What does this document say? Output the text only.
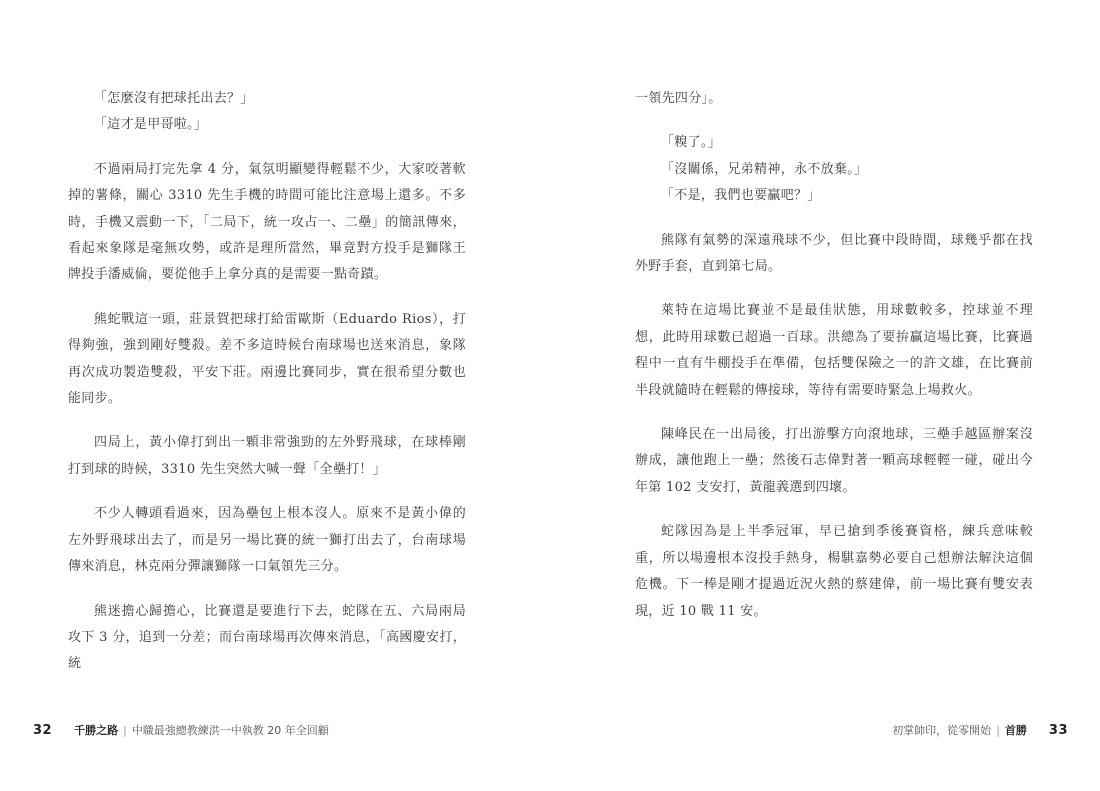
「怎麼沒有把球托出去？」

「這才是甲哥啦。」

不過兩局打完先拿 4 分，氣氛明顯變得輕鬆不少，大家咬著軟掉的薯條，關心 3310 先生手機的時間可能比注意場上還多。不多時，手機又震動一下，「二局下，統一攻占一、二壘」的簡訊傳來，看起來象隊是毫無攻勢，或許是理所當然，畢竟對方投手是獅隊王牌投手潘威倫，要從他手上拿分真的是需要一點奇蹟。

熊蛇戰這一頭，莊景賀把球打給雷歐斯（Eduardo Rios），打得夠強，強到剛好雙殺。差不多這時候台南球場也送來消息，象隊再次成功製造雙殺，平安下莊。兩邊比賽同步，實在很希望分數也能同步。

四局上，黃小偉打到出一顆非常強勁的左外野飛球，在球棒剛打到球的時候，3310 先生突然大喊一聲「全壘打！」

不少人轉頭看過來，因為壘包上根本沒人。原來不是黃小偉的左外野飛球出去了，而是另一場比賽的統一獅打出去了，台南球場傳來消息，林克兩分彈讓獅隊一口氣領先三分。

熊迷擔心歸擔心，比賽還是要進行下去，蛇隊在五、六局兩局攻下 3 分，追到一分差；而台南球場再次傳來消息，「高國慶安打，統

32 千勝之路 | 中職最強總教練洪一中執教 20 年全回顧

一領先四分」。

「糗了。」

「沒關係，兄弟精神，永不放棄。」

「不是，我們也要贏吧？」

熊隊有氣勢的深遠飛球不少，但比賽中段時間，球幾乎都在找外野手套，直到第七局。

萊特在這場比賽並不是最佳狀態，用球數較多，控球並不理想，此時用球數已超過一百球。洪總為了要拚贏這場比賽，比賽過程中一直有牛棚投手在準備，包括雙保險之一的許文雄，在比賽前半段就隨時在輕鬆的傳接球，等待有需要時緊急上場救火。

陳峰民在一出局後，打出游擊方向滾地球，三壘手越區辦案沒辦成，讓他跑上一壘；然後石志偉對著一顆高球輕輕一碰，碰出今年第 102 支安打，黃龍義選到四壞。

蛇隊因為是上半季冠軍，早已搶到季後賽資格，練兵意味較重，所以場邊根本沒投手熱身，楊騏嘉勢必要自己想辦法解決這個危機。下一棒是剛才提過近況火熱的蔡建偉，前一場比賽有雙安表現，近 10 戰 11 安。

初掌帥印，從零開始 | 首勝 33
